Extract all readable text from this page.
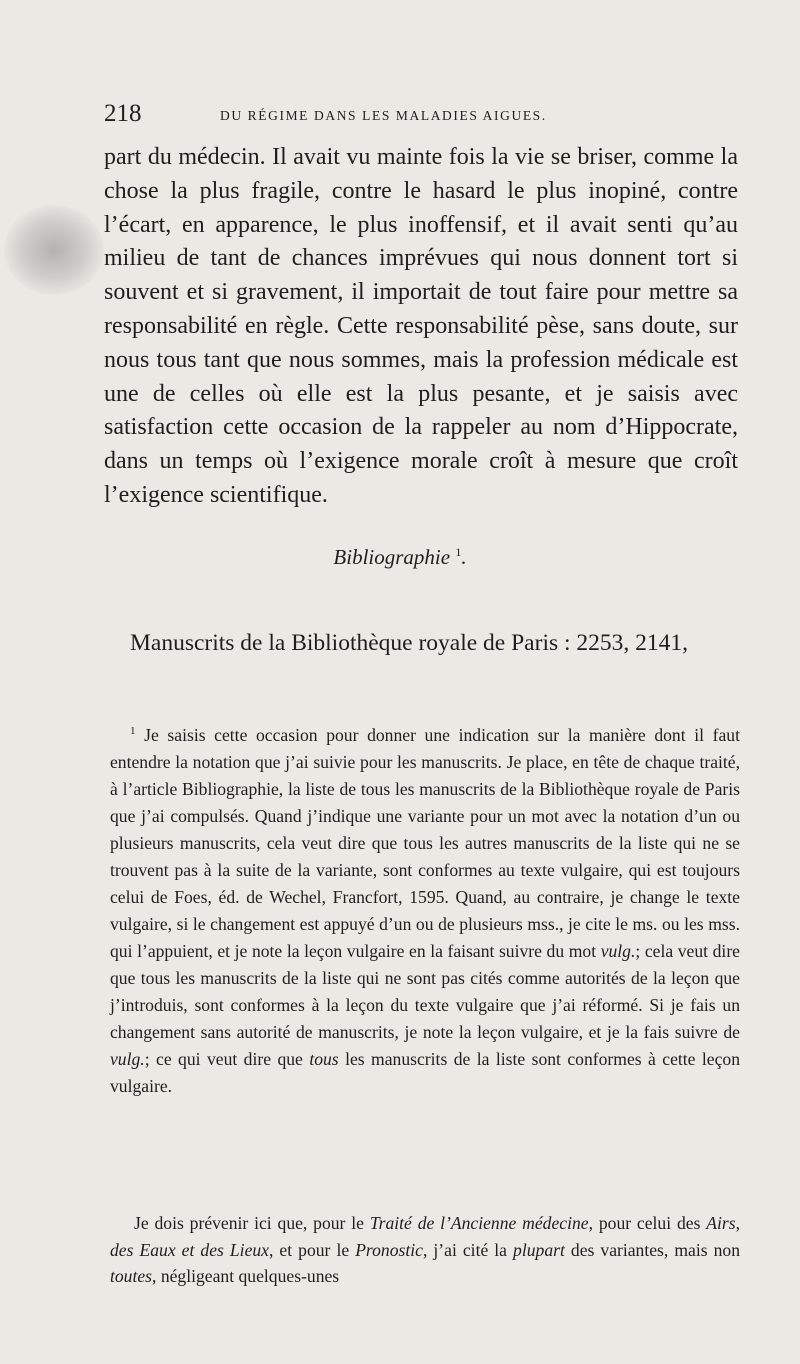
218	DU RÉGIME DANS LES MALADIES AIGUES.

part du médecin. Il avait vu mainte fois la vie se briser, comme la chose la plus fragile, contre le hasard le plus inopiné, contre l’écart, en apparence, le plus inoffensif, et il avait senti qu’au milieu de tant de chances imprévues qui nous donnent tort si souvent et si gravement, il importait de tout faire pour mettre sa responsabilité en règle. Cette responsabilité pèse, sans doute, sur nous tous tant que nous sommes, mais la profession médicale est une de celles où elle est la plus pesante, et je saisis avec satisfaction cette occasion de la rappeler au nom d’Hippocrate, dans un temps où l’exigence morale croît à mesure que croît l’exigence scientifique.

Bibliographie $^1$.
Manuscrits de la Bibliothèque royale de Paris : 2253, 2141,

$^1$ Je saisis cette occasion pour donner une indication sur la manière dont il faut entendre la notation que j’ai suivie pour les manuscrits. Je place, en tête de chaque traité, à l’article Bibliographie, la liste de tous les manuscrits de la Bibliothèque royale de Paris que j’ai compulsés. Quand j’indique une variante pour un mot avec la notation d’un ou plusieurs manuscrits, cela veut dire que tous les autres manuscrits de la liste qui ne se trouvent pas à la suite de la variante, sont conformes au texte vulgaire, qui est toujours celui de Foes, éd. de Wechel, Francfort, 1595. Quand, au contraire, je change le texte vulgaire, si le changement est appuyé d’un ou de plusieurs mss., je cite le ms. ou les mss. qui l’appuient, et je note la leçon vulgaire en la faisant suivre du mot vulg.; cela veut dire que tous les manuscrits de la liste qui ne sont pas cités comme autorités de la leçon que j’introduis, sont conformes à la leçon du texte vulgaire que j’ai réformé. Si je fais un changement sans autorité de manuscrits, je note la leçon vulgaire, et je la fais suivre de vulg.; ce qui veut dire que tous les manuscrits de la liste sont conformes à cette leçon vulgaire.

Je dois prévenir ici que, pour le Traité de l’Ancienne médecine, pour celui des Airs, des Eaux et des Lieux, et pour le Pronostic, j’ai cité la plupart des variantes, mais non toutes, négligeant quelques-unes
